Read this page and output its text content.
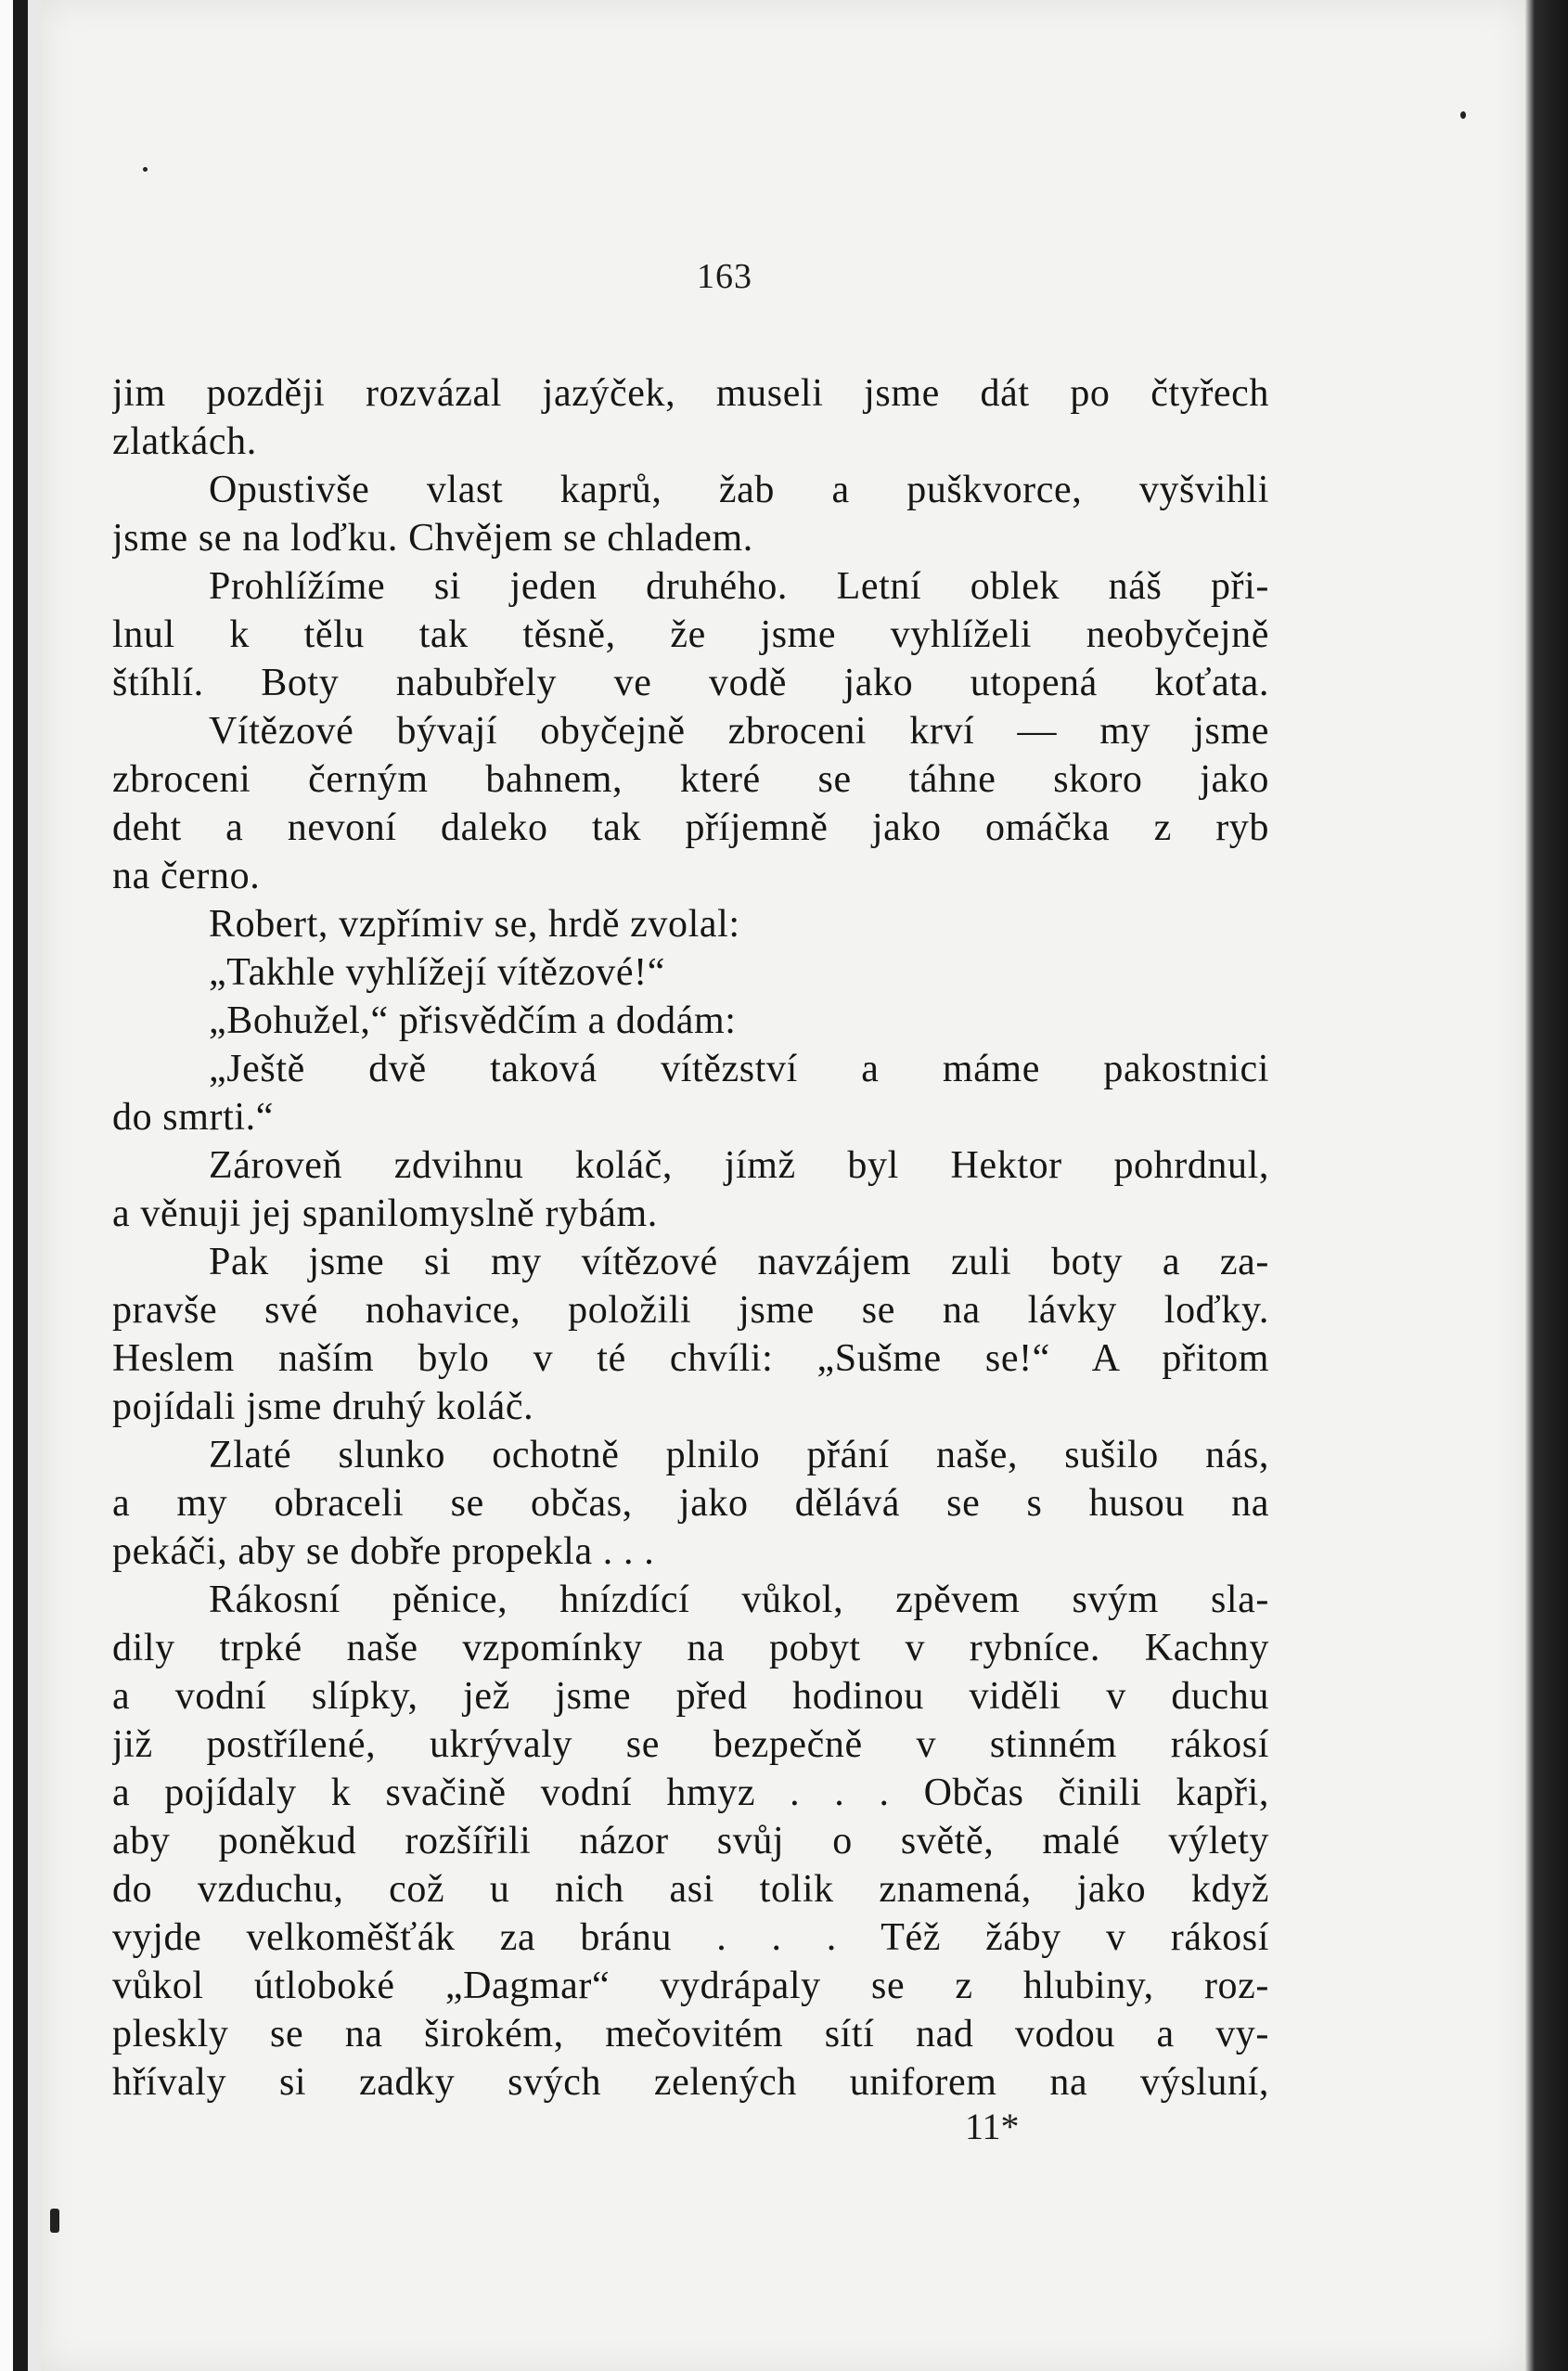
163
jim později rozvázal jazýček, museli jsme dát po čtyřech
zlatkách.
Opustivše vlast kaprů, žab a puškvorce, vyšvihli
jsme se na loďku. Chvějem se chladem.
Prohlížíme si jeden druhého. Letní oblek náš při-
lnul k tělu tak těsně, že jsme vyhlíželi neobyčejně
štíhlí. Boty nabubřely ve vodě jako utopená koťata.
Vítězové bývají obyčejně zbroceni krví — my jsme
zbroceni černým bahnem, které se táhne skoro jako
deht a nevoní daleko tak příjemně jako omáčka z ryb
na černo.
Robert, vzpřímiv se, hrdě zvolal:
„Takhle vyhlížejí vítězové!“
„Bohužel,“ přisvědčím a dodám:
„Ještě dvě taková vítězství a máme pakostnici
do smrti.“
Zároveň zdvihnu koláč, jímž byl Hektor pohrdnul,
a věnuji jej spanilomyslně rybám.
Pak jsme si my vítězové navzájem zuli boty a za-
pravše své nohavice, položili jsme se na lávky loďky.
Heslem naším bylo v té chvíli: „Sušme se!“ A přitom
pojídali jsme druhý koláč.
Zlaté slunko ochotně plnilo přání naše, sušilo nás,
a my obraceli se občas, jako dělává se s husou na
pekáči, aby se dobře propekla . . .
Rákosní pěnice, hnízdící vůkol, zpěvem svým sla-
dily trpké naše vzpomínky na pobyt v rybníce. Kachny
a vodní slípky, jež jsme před hodinou viděli v duchu
již postřílené, ukrývaly se bezpečně v stinném rákosí
a pojídaly k svačině vodní hmyz . . . Občas činili kapři,
aby poněkud rozšířili názor svůj o světě, malé výlety
do vzduchu, což u nich asi tolik znamená, jako když
vyjde velkoměšťák za bránu . . . Též žáby v rákosí
vůkol útloboké „Dagmar“ vydrápaly se z hlubiny, roz-
pleskly se na širokém, mečovitém sítí nad vodou a vy-
hřívaly si zadky svých zelených uniforem na výsluní,
11*
